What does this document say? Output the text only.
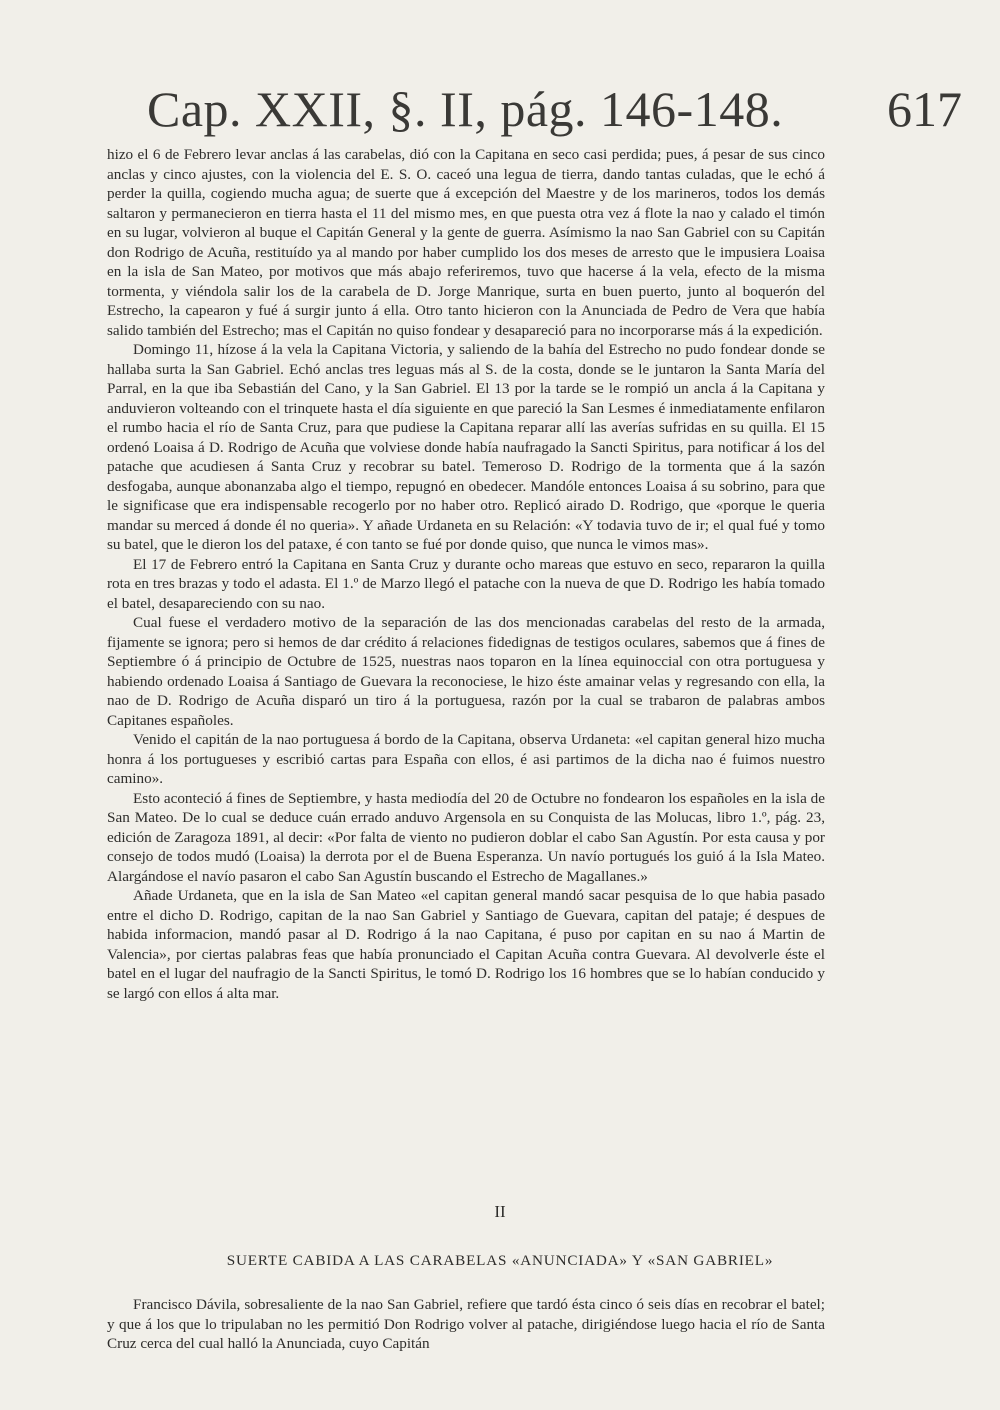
Cap. XXII, §. II, pág. 146-148. 617

hizo el 6 de Febrero levar anclas á las carabelas, dió con la Capitana en seco casi perdida; pues, á pesar de sus cinco anclas y cinco ajustes, con la violencia del E. S. O. caceó una legua de tierra, dando tantas culadas, que le echó á perder la quilla, cogiendo mucha agua; de suerte que á excepción del Maestre y de los marineros, todos los demás saltaron y permanecieron en tierra hasta el 11 del mismo mes, en que puesta otra vez á flote la nao y calado el timón en su lugar, volvieron al buque el Capitán General y la gente de guerra. Asímismo la nao San Gabriel con su Capitán don Rodrigo de Acuña, restituído ya al mando por haber cumplido los dos meses de arresto que le impusiera Loaisa en la isla de San Mateo, por motivos que más abajo referiremos, tuvo que hacerse á la vela, efecto de la misma tormenta, y viéndola salir los de la carabela de D. Jorge Manrique, surta en buen puerto, junto al boquerón del Estrecho, la capearon y fué á surgir junto á ella. Otro tanto hicieron con la Anunciada de Pedro de Vera que había salido también del Estrecho; mas el Capitán no quiso fondear y desapareció para no incorporarse más á la expedición.

Domingo 11, hízose á la vela la Capitana Victoria, y saliendo de la bahía del Estrecho no pudo fondear donde se hallaba surta la San Gabriel. Echó anclas tres leguas más al S. de la costa, donde se le juntaron la Santa María del Parral, en la que iba Sebastián del Cano, y la San Gabriel. El 13 por la tarde se le rompió un ancla á la Capitana y anduvieron volteando con el trinquete hasta el día siguiente en que pareció la San Lesmes é inmediatamente enfilaron el rumbo hacia el río de Santa Cruz, para que pudiese la Capitana reparar allí las averías sufridas en su quilla. El 15 ordenó Loaisa á D. Rodrigo de Acuña que volviese donde había naufragado la Sancti Spiritus, para notificar á los del patache que acudiesen á Santa Cruz y recobrar su batel. Temeroso D. Rodrigo de la tormenta que á la sazón desfogaba, aunque abonanzaba algo el tiempo, repugnó en obedecer. Mandóle entonces Loaisa á su sobrino, para que le significase que era indispensable recogerlo por no haber otro. Replicó airado D. Rodrigo, que «porque le queria mandar su merced á donde él no queria». Y añade Urdaneta en su Relación: «Y todavia tuvo de ir; el qual fué y tomo su batel, que le dieron los del pataxe, é con tanto se fué por donde quiso, que nunca le vimos mas».

El 17 de Febrero entró la Capitana en Santa Cruz y durante ocho mareas que estuvo en seco, repararon la quilla rota en tres brazas y todo el adasta. El 1.º de Marzo llegó el patache con la nueva de que D. Rodrigo les había tomado el batel, desapareciendo con su nao.

Cual fuese el verdadero motivo de la separación de las dos mencionadas carabelas del resto de la armada, fijamente se ignora; pero si hemos de dar crédito á relaciones fidedignas de testigos oculares, sabemos que á fines de Septiembre ó á principio de Octubre de 1525, nuestras naos toparon en la línea equinoccial con otra portuguesa y habiendo ordenado Loaisa á Santiago de Guevara la reconociese, le hizo éste amainar velas y regresando con ella, la nao de D. Rodrigo de Acuña disparó un tiro á la portuguesa, razón por la cual se trabaron de palabras ambos Capitanes españoles.

Venido el capitán de la nao portuguesa á bordo de la Capitana, observa Urdaneta: «el capitan general hizo mucha honra á los portugueses y escribió cartas para España con ellos, é asi partimos de la dicha nao é fuimos nuestro camino».

Esto aconteció á fines de Septiembre, y hasta mediodía del 20 de Octubre no fondearon los españoles en la isla de San Mateo. De lo cual se deduce cuán errado anduvo Argensola en su Conquista de las Molucas, libro 1.º, pág. 23, edición de Zaragoza 1891, al decir: «Por falta de viento no pudieron doblar el cabo San Agustín. Por esta causa y por consejo de todos mudó (Loaisa) la derrota por el de Buena Esperanza. Un navío portugués los guió á la Isla Mateo. Alargándose el navío pasaron el cabo San Agustín buscando el Estrecho de Magallanes.»

Añade Urdaneta, que en la isla de San Mateo «el capitan general mandó sacar pesquisa de lo que habia pasado entre el dicho D. Rodrigo, capitan de la nao San Gabriel y Santiago de Guevara, capitan del pataje; é despues de habida informacion, mandó pasar al D. Rodrigo á la nao Capitana, é puso por capitan en su nao á Martin de Valencia», por ciertas palabras feas que había pronunciado el Capitan Acuña contra Guevara. Al devolverle éste el batel en el lugar del naufragio de la Sancti Spiritus, le tomó D. Rodrigo los 16 hombres que se lo habían conducido y se largó con ellos á alta mar.

II
SUERTE CABIDA A LAS CARABELAS «ANUNCIADA» Y «SAN GABRIEL»

Francisco Dávila, sobresaliente de la nao San Gabriel, refiere que tardó ésta cinco ó seis días en recobrar el batel; y que á los que lo tripulaban no les permitió Don Rodrigo volver al patache, dirigiéndose luego hacia el río de Santa Cruz cerca del cual halló la Anunciada, cuyo Capitán
